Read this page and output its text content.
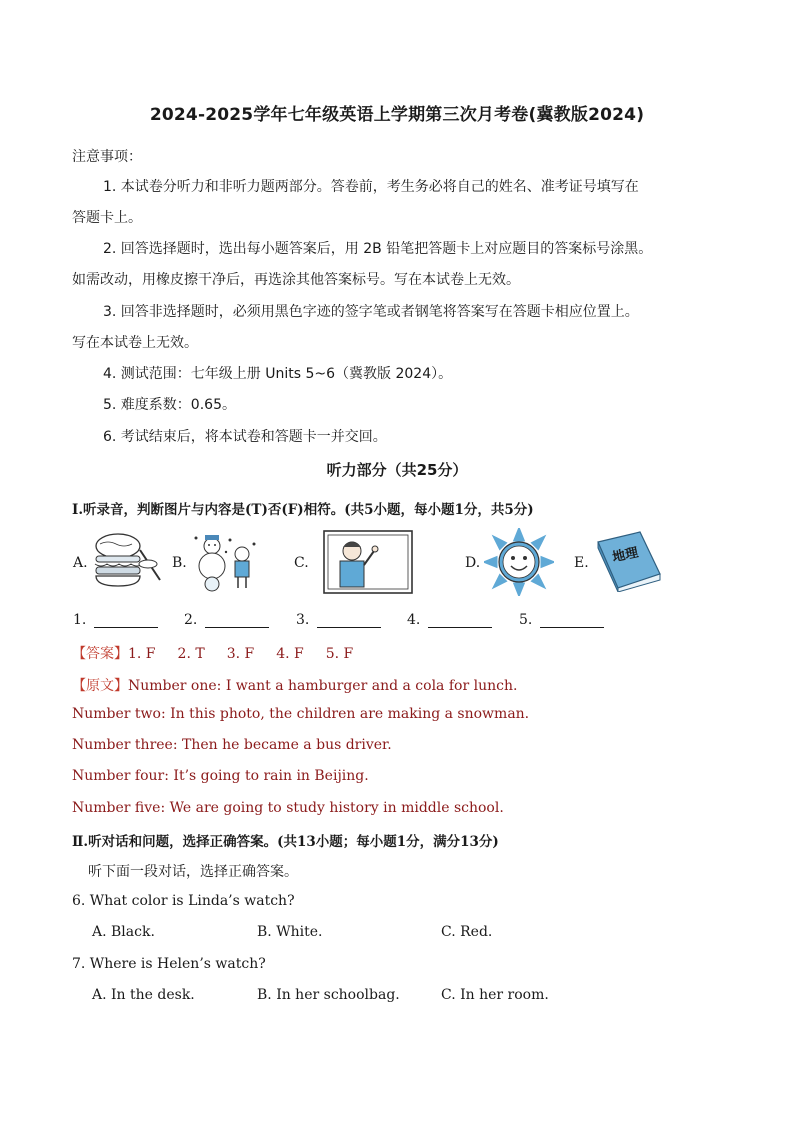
2024-2025学年七年级英语上学期第三次月考卷(冀教版2024)
注意事项：
1. 本试卷分听力和非听力题两部分。答卷前，考生务必将自己的姓名、准考证号填写在
答题卡上。
2. 回答选择题时，选出每小题答案后，用 2B 铅笔把答题卡上对应题目的答案标号涂黑。
如需改动，用橡皮擦干净后，再选涂其他答案标号。写在本试卷上无效。
3. 回答非选择题时，必须用黑色字迹的签字笔或者钢笔将答案写在答题卡相应位置上。
写在本试卷上无效。
4. 测试范围：七年级上册 Units 5~6（冀教版 2024）。
5. 难度系数：0.65。
6. 考试结束后，将本试卷和答题卡一并交回。
听力部分（共25分）
Ⅰ.听录音，判断图片与内容是(T)否(F)相符。(共5小题，每小题1分，共5分)
A.	B.	C.	D.	E. 地理
1.	2.	3.	4.	5.
【答案】1. F 2. T 3. F 4. F 5. F
【原文】Number one: I want a hamburger and a cola for lunch.
Number two: In this photo, the children are making a snowman.
Number three: Then he became a bus driver.
Number four: It’s going to rain in Beijing.
Number five: We are going to study history in middle school.
Ⅱ.听对话和问题，选择正确答案。(共13小题；每小题1分，满分13分)
听下面一段对话，选择正确答案。
6. What color is Linda’s watch?
A. Black.	B. White.	C. Red.
7. Where is Helen’s watch?
A. In the desk.	B. In her schoolbag.	C. In her room.
